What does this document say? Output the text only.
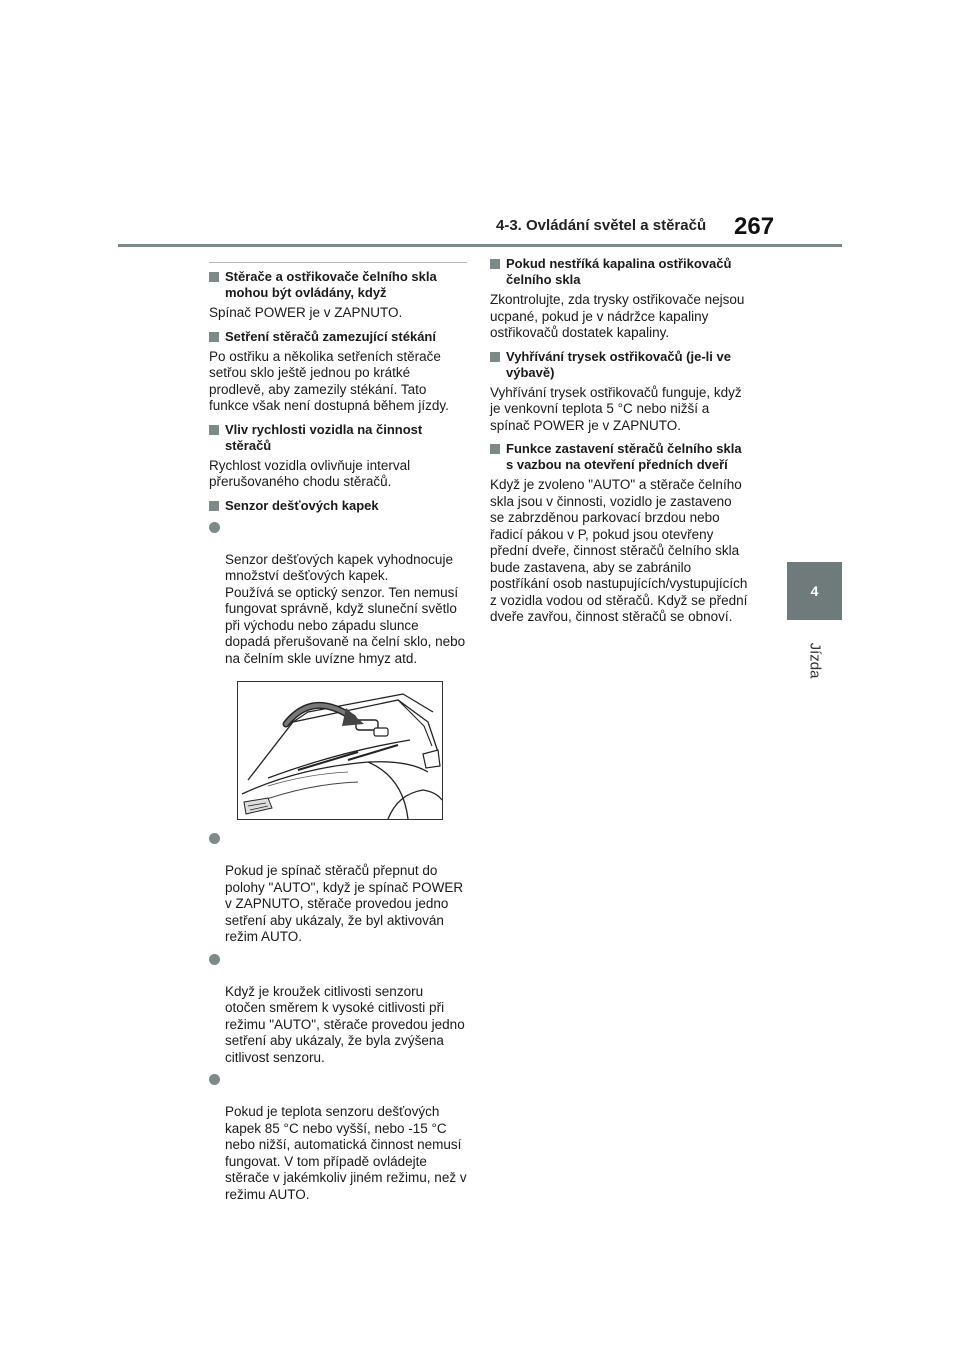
4-3. Ovládání světel a stěračů 267
4
Jízda
Stěrače a ostřikovače čelního skla mohou být ovládány, když
Spínač POWER je v ZAPNUTO.
Setření stěračů zamezující stékání
Po ostřiku a několika setřeních stěrače setřou sklo ještě jednou po krátké prodlevě, aby zamezily stékání. Tato funkce však není dostupná během jízdy.
Vliv rychlosti vozidla na činnost stěračů
Rychlost vozidla ovlivňuje interval přerušovaného chodu stěračů.
Senzor dešťových kapek

Senzor dešťových kapek vyhodnocuje množství dešťových kapek.
Používá se optický senzor. Ten nemusí fungovat správně, když sluneční světlo při východu nebo západu slunce dopadá přerušovaně na čelní sklo, nebo na čelním skle uvízne hmyz atd.

Pokud je spínač stěračů přepnut do polohy "AUTO", když je spínač POWER v ZAPNUTO, stěrače provedou jedno setření aby ukázaly, že byl aktivován režim AUTO.

Když je kroužek citlivosti senzoru otočen směrem k vysoké citlivosti při režimu "AUTO", stěrače provedou jedno setření aby ukázaly, že byla zvýšena citlivost senzoru.

Pokud je teplota senzoru dešťových kapek 85 °C nebo vyšší, nebo -15 °C nebo nižší, automatická činnost nemusí fungovat. V tom případě ovládejte stěrače v jakémkoliv jiném režimu, než v režimu AUTO.

Pokud nestříká kapalina ostřikovačů čelního skla
Zkontrolujte, zda trysky ostřikovače nejsou ucpané, pokud je v nádržce kapaliny ostřikovačů dostatek kapaliny.
Vyhřívání trysek ostřikovačů (je-li ve výbavě)
Vyhřívání trysek ostřikovačů funguje, když je venkovní teplota 5 °C nebo nižší a spínač POWER je v ZAPNUTO.
Funkce zastavení stěračů čelního skla s vazbou na otevření předních dveří
Když je zvoleno "AUTO" a stěrače čelního skla jsou v činnosti, vozidlo je zastaveno se zabrzděnou parkovací brzdou nebo řadicí pákou v P, pokud jsou otevřeny přední dveře, činnost stěračů čelního skla bude zastavena, aby se zabránilo postříkání osob nastupujících/vystupujících z vozidla vodou od stěračů. Když se přední dveře zavřou, činnost stěračů se obnoví.
